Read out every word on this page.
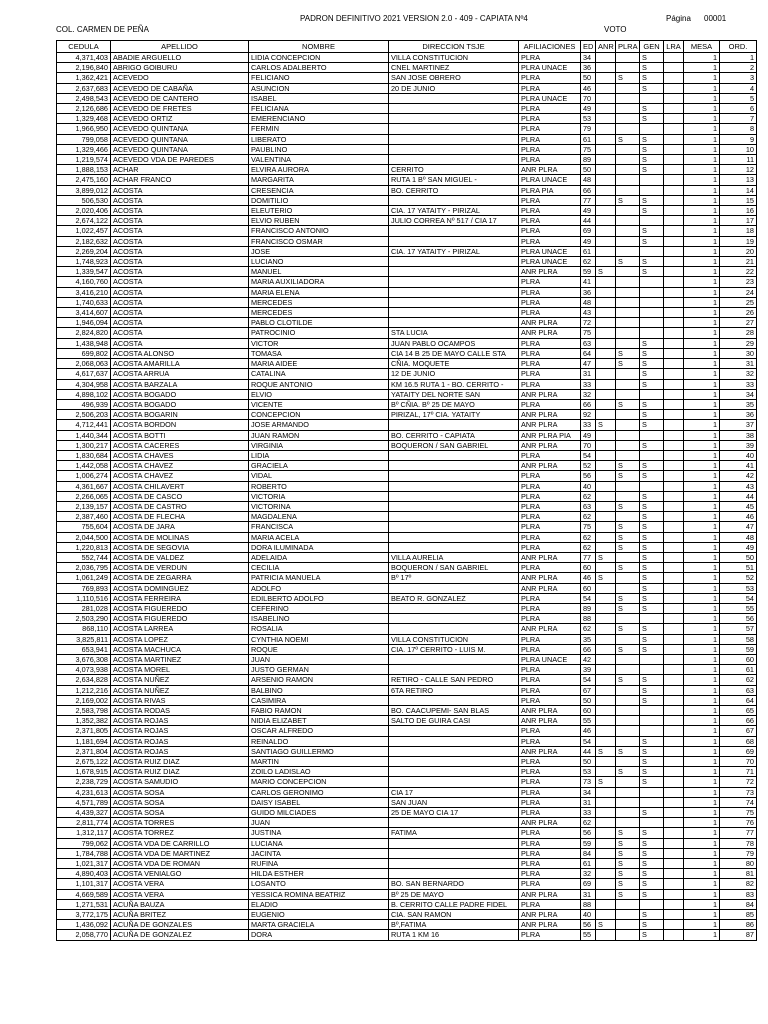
PADRON DEFINITIVO 2021 VERSION 2.0 - 409 - CAPIATA Nº4	Página 00001
COL. CARMEN DE PEÑA	VOTO
CEDULA	APELLIDO	NOMBRE	DIRECCION TSJE	AFILIACIONES	ED	ANR	PLRA	GEN	LRA	MESA	ORD.
4,371,403	ABADIE ARGUELLO	LIDIA CONCEPCION	VILLA CONSTITUCION	PLRA	34			S		1	1
2,196,840	ABRIGO GOIBURU	CARLOS ADALBERTO	CNEL MARTINEZ	PLRA UNACE	36			S		1	2
1,362,421	ACEVEDO	FELICIANO	SAN JOSE OBRERO	PLRA	50		S	S		1	3
2,637,683	ACEVEDO DE CABAÑA	ASUNCION	20 DE JUNIO	PLRA	46			S		1	4
2,498,543	ACEVEDO DE CANTERO	ISABEL		PLRA UNACE	70					1	5
2,126,686	ACEVEDO DE FRETES	FELICIANA		PLRA	49			S		1	6
1,329,468	ACEVEDO ORTIZ	EMERENCIANO		PLRA	53			S		1	7
1,966,950	ACEVEDO QUINTANA	FERMIN		PLRA	79					1	8
799,058	ACEVEDO QUINTANA	LIBERATO		PLRA	61		S	S		1	9
1,329,466	ACEVEDO QUINTANA	PAUBLINO		PLRA	75			S		1	10
1,219,574	ACEVEDO VDA DE PAREDES	VALENTINA		PLRA	89			S		1	11
1,888,153	ACHAR	ELVIRA AURORA	CERRITO	ANR PLRA	50			S		1	12
2,475,160	ACHAR FRANCO	MARGARITA	RUTA 1 Bº SAN MIGUEL -	PLRA UNACE	48					1	13
3,899,012	ACOSTA	CRESENCIA	BO. CERRITO	PLRA PIA	66					1	14
506,530	ACOSTA	DOMITILIO		PLRA	77		S	S		1	15
2,020,406	ACOSTA	ELEUTERIO	CIA. 17 YATAITY - PIRIZAL	PLRA	49			S		1	16
2,674,122	ACOSTA	ELVIO RUBEN	JULIO CORREA Nº 517 / CIA 17	PLRA	44					1	17
1,022,457	ACOSTA	FRANCISCO ANTONIO		PLRA	69			S		1	18
2,182,632	ACOSTA	FRANCISCO OSMAR		PLRA	49			S		1	19
2,269,204	ACOSTA	JOSE	CIA. 17 YATAITY - PIRIZAL	PLRA UNACE	61					1	20
1,748,923	ACOSTA	LUCIANO		PLRA UNACE	62		S	S		1	21
1,339,547	ACOSTA	MANUEL		ANR PLRA	59	S		S		1	22
4,160,760	ACOSTA	MARIA AUXILIADORA		PLRA	41					1	23
3,416,210	ACOSTA	MARIA ELENA		PLRA	36					1	24
1,740,633	ACOSTA	MERCEDES		PLRA	48					1	25
3,414,607	ACOSTA	MERCEDES		PLRA	43					1	26
1,946,094	ACOSTA	PABLO CLOTILDE		ANR PLRA	72					1	27
2,824,820	ACOSTA	PATROCINIO	STA LUCIA	ANR PLRA	75					1	28
1,438,948	ACOSTA	VICTOR	JUAN PABLO OCAMPOS	PLRA	63			S		1	29
699,802	ACOSTA ALONSO	TOMASA	CIA 14 B 25 DE MAYO CALLE STA	PLRA	64		S	S		1	30
2,068,063	ACOSTA AMARILLA	MARIA AIDEE	CÑIA. MOQUETE	PLRA	47		S	S		1	31
4,617,637	ACOSTA ARRUA	CATALINA	12 DE JUNIO	PLRA	31			S		1	32
4,304,958	ACOSTA BARZALA	ROQUE ANTONIO	KM 16.5 RUTA 1 - BO. CERRITO -	PLRA	33			S		1	33
4,898,102	ACOSTA BOGADO	ELVIO	YATAITY DEL NORTE SAN	ANR PLRA	32					1	34
496,939	ACOSTA BOGADO	VICENTE	Bº CÑIA. Bº 25 DE MAYO	PLRA	66		S	S		1	35
2,506,203	ACOSTA BOGARIN	CONCEPCION	PIRIZAL, 17º CIA. YATAITY	ANR PLRA	92			S		1	36
4,712,441	ACOSTA BORDON	JOSE ARMANDO		ANR PLRA	33	S		S		1	37
1,440,344	ACOSTA BOTTI	JUAN RAMON	BO. CERRITO - CAPIATA	ANR PLRA PIA	49					1	38
1,300,217	ACOSTA CACERES	VIRGINIA	BOQUERON / SAN GABRIEL	ANR PLRA	70			S		1	39
1,830,684	ACOSTA CHAVES	LIDIA		PLRA	54					1	40
1,442,058	ACOSTA CHAVEZ	GRACIELA		ANR PLRA	52		S	S		1	41
1,006,274	ACOSTA CHAVEZ	VIDAL		PLRA	56		S	S		1	42
4,361,667	ACOSTA CHILAVERT	ROBERTO		PLRA	40					1	43
2,266,065	ACOSTA DE CASCO	VICTORIA		PLRA	62			S		1	44
2,139,157	ACOSTA DE CASTRO	VICTORINA		PLRA	63		S	S		1	45
2,387,460	ACOSTA DE FLECHA	MAGDALENA		PLRA	62			S		1	46
755,604	ACOSTA DE JARA	FRANCISCA		PLRA	75		S	S		1	47
2,044,500	ACOSTA DE MOLINAS	MARIA ACELA		PLRA	62		S	S		1	48
1,220,813	ACOSTA DE SEGOVIA	DORA ILUMINADA		PLRA	62		S	S		1	49
552,744	ACOSTA DE VALDEZ	ADELAIDA	VILLA AURELIA	ANR PLRA	77	S		S		1	50
2,036,795	ACOSTA DE VERDUN	CECILIA	BOQUERON / SAN GABRIEL	PLRA	60		S	S		1	51
1,061,249	ACOSTA DE ZEGARRA	PATRICIA MANUELA	Bº 17º	ANR PLRA	46	S		S		1	52
769,893	ACOSTA DOMINGUEZ	ADOLFO		ANR PLRA	60			S		1	53
1,110,516	ACOSTA FERREIRA	EDILBERTO ADOLFO	BEATO R. GONZALEZ	PLRA	54		S	S		1	54
281,028	ACOSTA FIGUEREDO	CEFERINO		PLRA	89		S	S		1	55
2,503,290	ACOSTA FIGUEREDO	ISABELINO		PLRA	88					1	56
868,110	ACOSTA LARREA	ROSALIA		ANR PLRA	62		S	S		1	57
3,825,811	ACOSTA LOPEZ	CYNTHIA NOEMI	VILLA CONSTITUCION	PLRA	35			S		1	58
653,941	ACOSTA MACHUCA	ROQUE	CIA. 17º CERRITO - LUIS M.	PLRA	66		S	S		1	59
3,676,308	ACOSTA MARTINEZ	JUAN		PLRA UNACE	42					1	60
4,073,938	ACOSTA MOREL	JUSTO GERMAN		PLRA	39					1	61
2,634,828	ACOSTA NUÑEZ	ARSENIO RAMON	RETIRO - CALLE SAN PEDRO	PLRA	54		S	S		1	62
1,212,216	ACOSTA NUÑEZ	BALBINO	6TA RETIRO	PLRA	67			S		1	63
2,169,002	ACOSTA RIVAS	CASIMIRA		PLRA	50			S		1	64
2,583,798	ACOSTA RODAS	FABIO RAMON	BO. CAACUPEMI- SAN BLAS	ANR PLRA	60					1	65
1,352,382	ACOSTA ROJAS	NIDIA ELIZABET	SALTO DE GUIRA CASI	ANR PLRA	55					1	66
2,371,805	ACOSTA ROJAS	OSCAR ALFREDO		PLRA	46					1	67
1,181,694	ACOSTA ROJAS	REINALDO		PLRA	54			S		1	68
2,371,804	ACOSTA ROJAS	SANTIAGO GUILLERMO		ANR PLRA	44	S	S	S		1	69
2,675,122	ACOSTA RUIZ DIAZ	MARTIN		PLRA	50			S		1	70
1,678,915	ACOSTA RUIZ DIAZ	ZOILO LADISLAO		PLRA	53		S	S		1	71
2,238,729	ACOSTA SAMUDIO	MARIO CONCEPCION		PLRA	73	S		S		1	72
4,231,613	ACOSTA SOSA	CARLOS GERONIMO	CIA 17	PLRA	34					1	73
4,571,789	ACOSTA SOSA	DAISY ISABEL	SAN JUAN	PLRA	31					1	74
4,439,327	ACOSTA SOSA	GUIDO MILCIADES	25 DE MAYO CIA 17	PLRA	33			S		1	75
2,811,774	ACOSTA TORRES	JUAN		ANR PLRA	62					1	76
1,312,117	ACOSTA TORREZ	JUSTINA	FATIMA	PLRA	56		S	S		1	77
799,062	ACOSTA VDA DE CARRILLO	LUCIANA		PLRA	59		S	S		1	78
1,784,788	ACOSTA VDA DE MARTINEZ	JACINTA		PLRA	84		S	S		1	79
1,021,317	ACOSTA VDA DE ROMAN	RUFINA		PLRA	61		S	S		1	80
4,890,403	ACOSTA VENIALGO	HILDA ESTHER		PLRA	32		S	S		1	81
1,101,317	ACOSTA VERA	LOSANTO	BO. SAN BERNARDO	PLRA	69		S	S		1	82
4,669,589	ACOSTA VERA	YESSICA ROMINA BEATRIZ	Bº 25 DE MAYO	ANR PLRA	31		S	S		1	83
1,271,531	ACUÑA BAUZA	ELADIO	B. CERRITO CALLE PADRE FIDEL	PLRA	88					1	84
3,772,175	ACUÑA BRITEZ	EUGENIO	CIA. SAN RAMON	ANR PLRA	40			S		1	85
1,436,092	ACUÑA DE GONZALES	MARTA GRACIELA	Bº,FATIMA	ANR PLRA	56	S		S		1	86
2,058,770	ACUÑA DE GONZALEZ	DORA	RUTA 1 KM 16	PLRA	55			S		1	87
